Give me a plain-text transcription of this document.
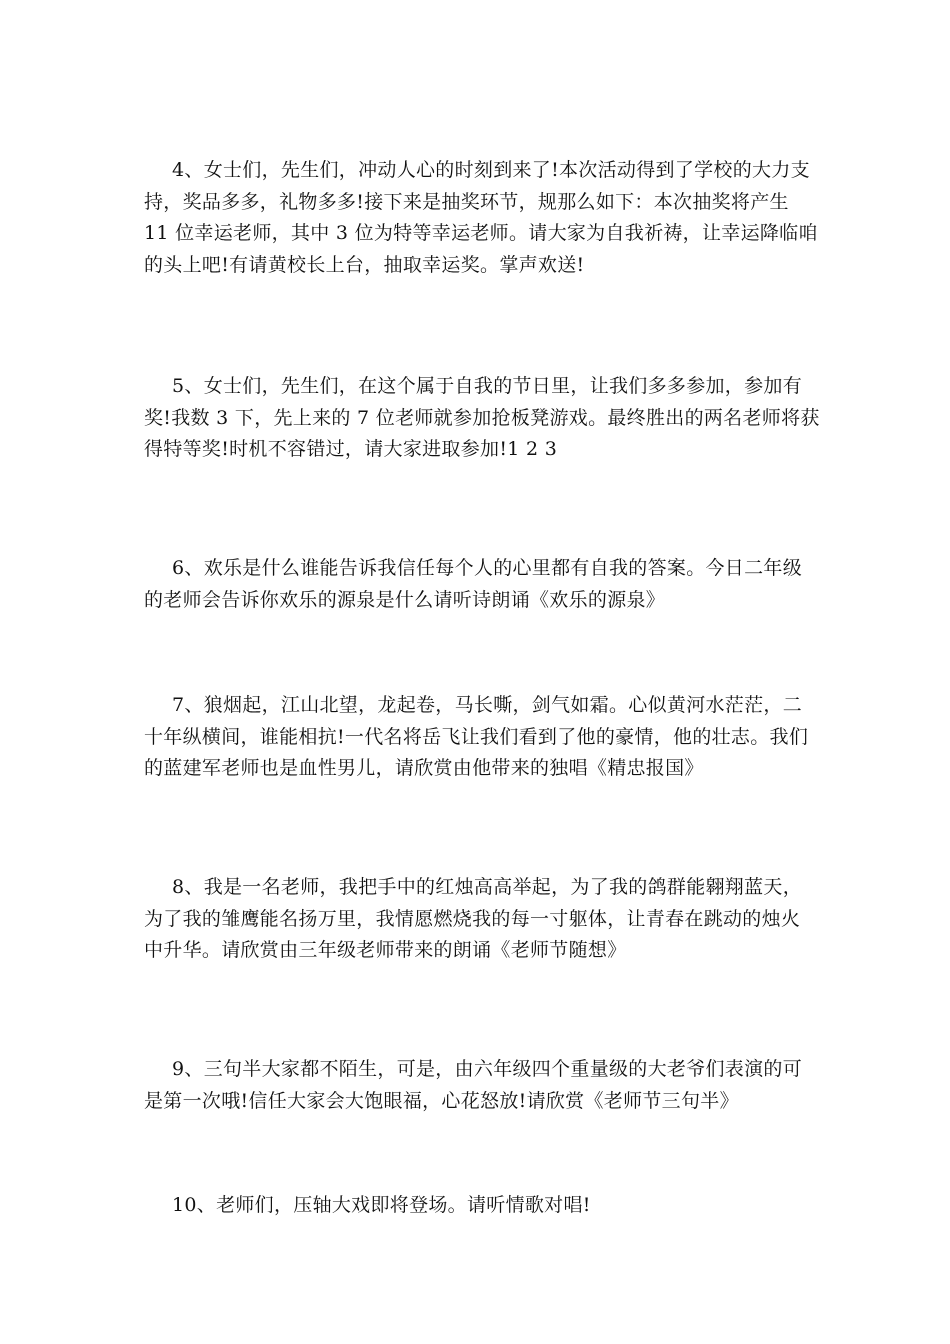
4、女士们，先生们，冲动人心的时刻到来了!本次活动得到了学校的大力支
持，奖品多多，礼物多多!接下来是抽奖环节，规那么如下：本次抽奖将产生
11 位幸运老师，其中 3 位为特等幸运老师。请大家为自我祈祷，让幸运降临咱
的头上吧!有请黄校长上台，抽取幸运奖。掌声欢送!
5、女士们，先生们，在这个属于自我的节日里，让我们多多参加，参加有
奖!我数 3 下，先上来的 7 位老师就参加抢板凳游戏。最终胜出的两名老师将获
得特等奖!时机不容错过，请大家进取参加!1 2 3
6、欢乐是什么谁能告诉我信任每个人的心里都有自我的答案。今日二年级
的老师会告诉你欢乐的源泉是什么请听诗朗诵《欢乐的源泉》
7、狼烟起，江山北望，龙起卷，马长嘶，剑气如霜。心似黄河水茫茫，二
十年纵横间，谁能相抗!一代名将岳飞让我们看到了他的豪情，他的壮志。我们
的蓝建军老师也是血性男儿，请欣赏由他带来的独唱《精忠报国》
8、我是一名老师，我把手中的红烛高高举起，为了我的鸽群能翱翔蓝天，
为了我的雏鹰能名扬万里，我情愿燃烧我的每一寸躯体，让青春在跳动的烛火
中升华。请欣赏由三年级老师带来的朗诵《老师节随想》
9、三句半大家都不陌生，可是，由六年级四个重量级的大老爷们表演的可
是第一次哦!信任大家会大饱眼福，心花怒放!请欣赏《老师节三句半》
10、老师们，压轴大戏即将登场。请听情歌对唱!
